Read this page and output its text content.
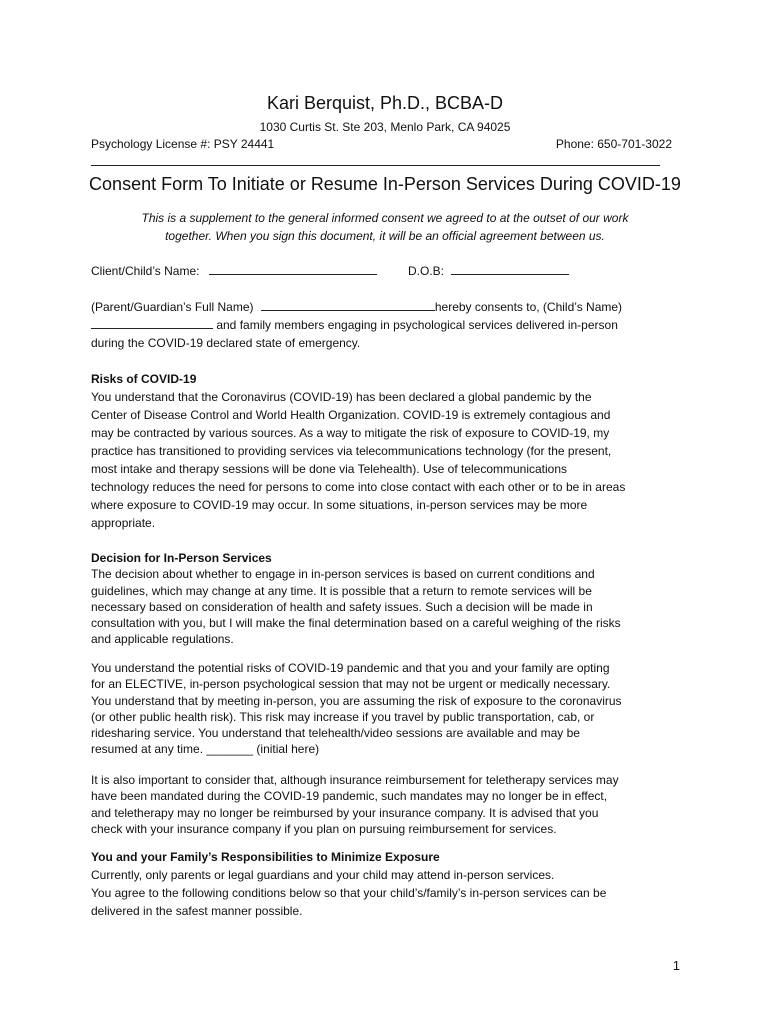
Kari Berquist, Ph.D., BCBA-D
1030 Curtis St. Ste 203, Menlo Park, CA 94025
Psychology License #: PSY 24441	Phone: 650-701-3022
Consent Form To Initiate or Resume In-Person Services During COVID-19
This is a supplement to the general informed consent we agreed to at the outset of our work
together. When you sign this document, it will be an official agreement between us.
Client/Child’s Name:	D.O.B:
(Parent/Guardian’s Full Name)	hereby consents to, (Child’s Name)
and family members engaging in psychological services delivered in-person
during the COVID-19 declared state of emergency.
Risks of COVID-19
You understand that the Coronavirus (COVID-19) has been declared a global pandemic by the
Center of Disease Control and World Health Organization. COVID-19 is extremely contagious and
may be contracted by various sources. As a way to mitigate the risk of exposure to COVID-19, my
practice has transitioned to providing services via telecommunications technology (for the present,
most intake and therapy sessions will be done via Telehealth). Use of telecommunications
technology reduces the need for persons to come into close contact with each other or to be in areas
where exposure to COVID-19 may occur. In some situations, in-person services may be more
appropriate.
Decision for In-Person Services
The decision about whether to engage in in-person services is based on current conditions and
guidelines, which may change at any time. It is possible that a return to remote services will be
necessary based on consideration of health and safety issues. Such a decision will be made in
consultation with you, but I will make the final determination based on a careful weighing of the risks
and applicable regulations.
You understand the potential risks of COVID-19 pandemic and that you and your family are opting
for an ELECTIVE, in-person psychological session that may not be urgent or medically necessary.
You understand that by meeting in-person, you are assuming the risk of exposure to the coronavirus
(or other public health risk). This risk may increase if you travel by public transportation, cab, or
ridesharing service. You understand that telehealth/video sessions are available and may be
resumed at any time. _______ (initial here)
It is also important to consider that, although insurance reimbursement for teletherapy services may
have been mandated during the COVID-19 pandemic, such mandates may no longer be in effect,
and teletherapy may no longer be reimbursed by your insurance company. It is advised that you
check with your insurance company if you plan on pursuing reimbursement for services.
You and your Family’s Responsibilities to Minimize Exposure
Currently, only parents or legal guardians and your child may attend in-person services.
You agree to the following conditions below so that your child’s/family’s in-person services can be
delivered in the safest manner possible.
1
